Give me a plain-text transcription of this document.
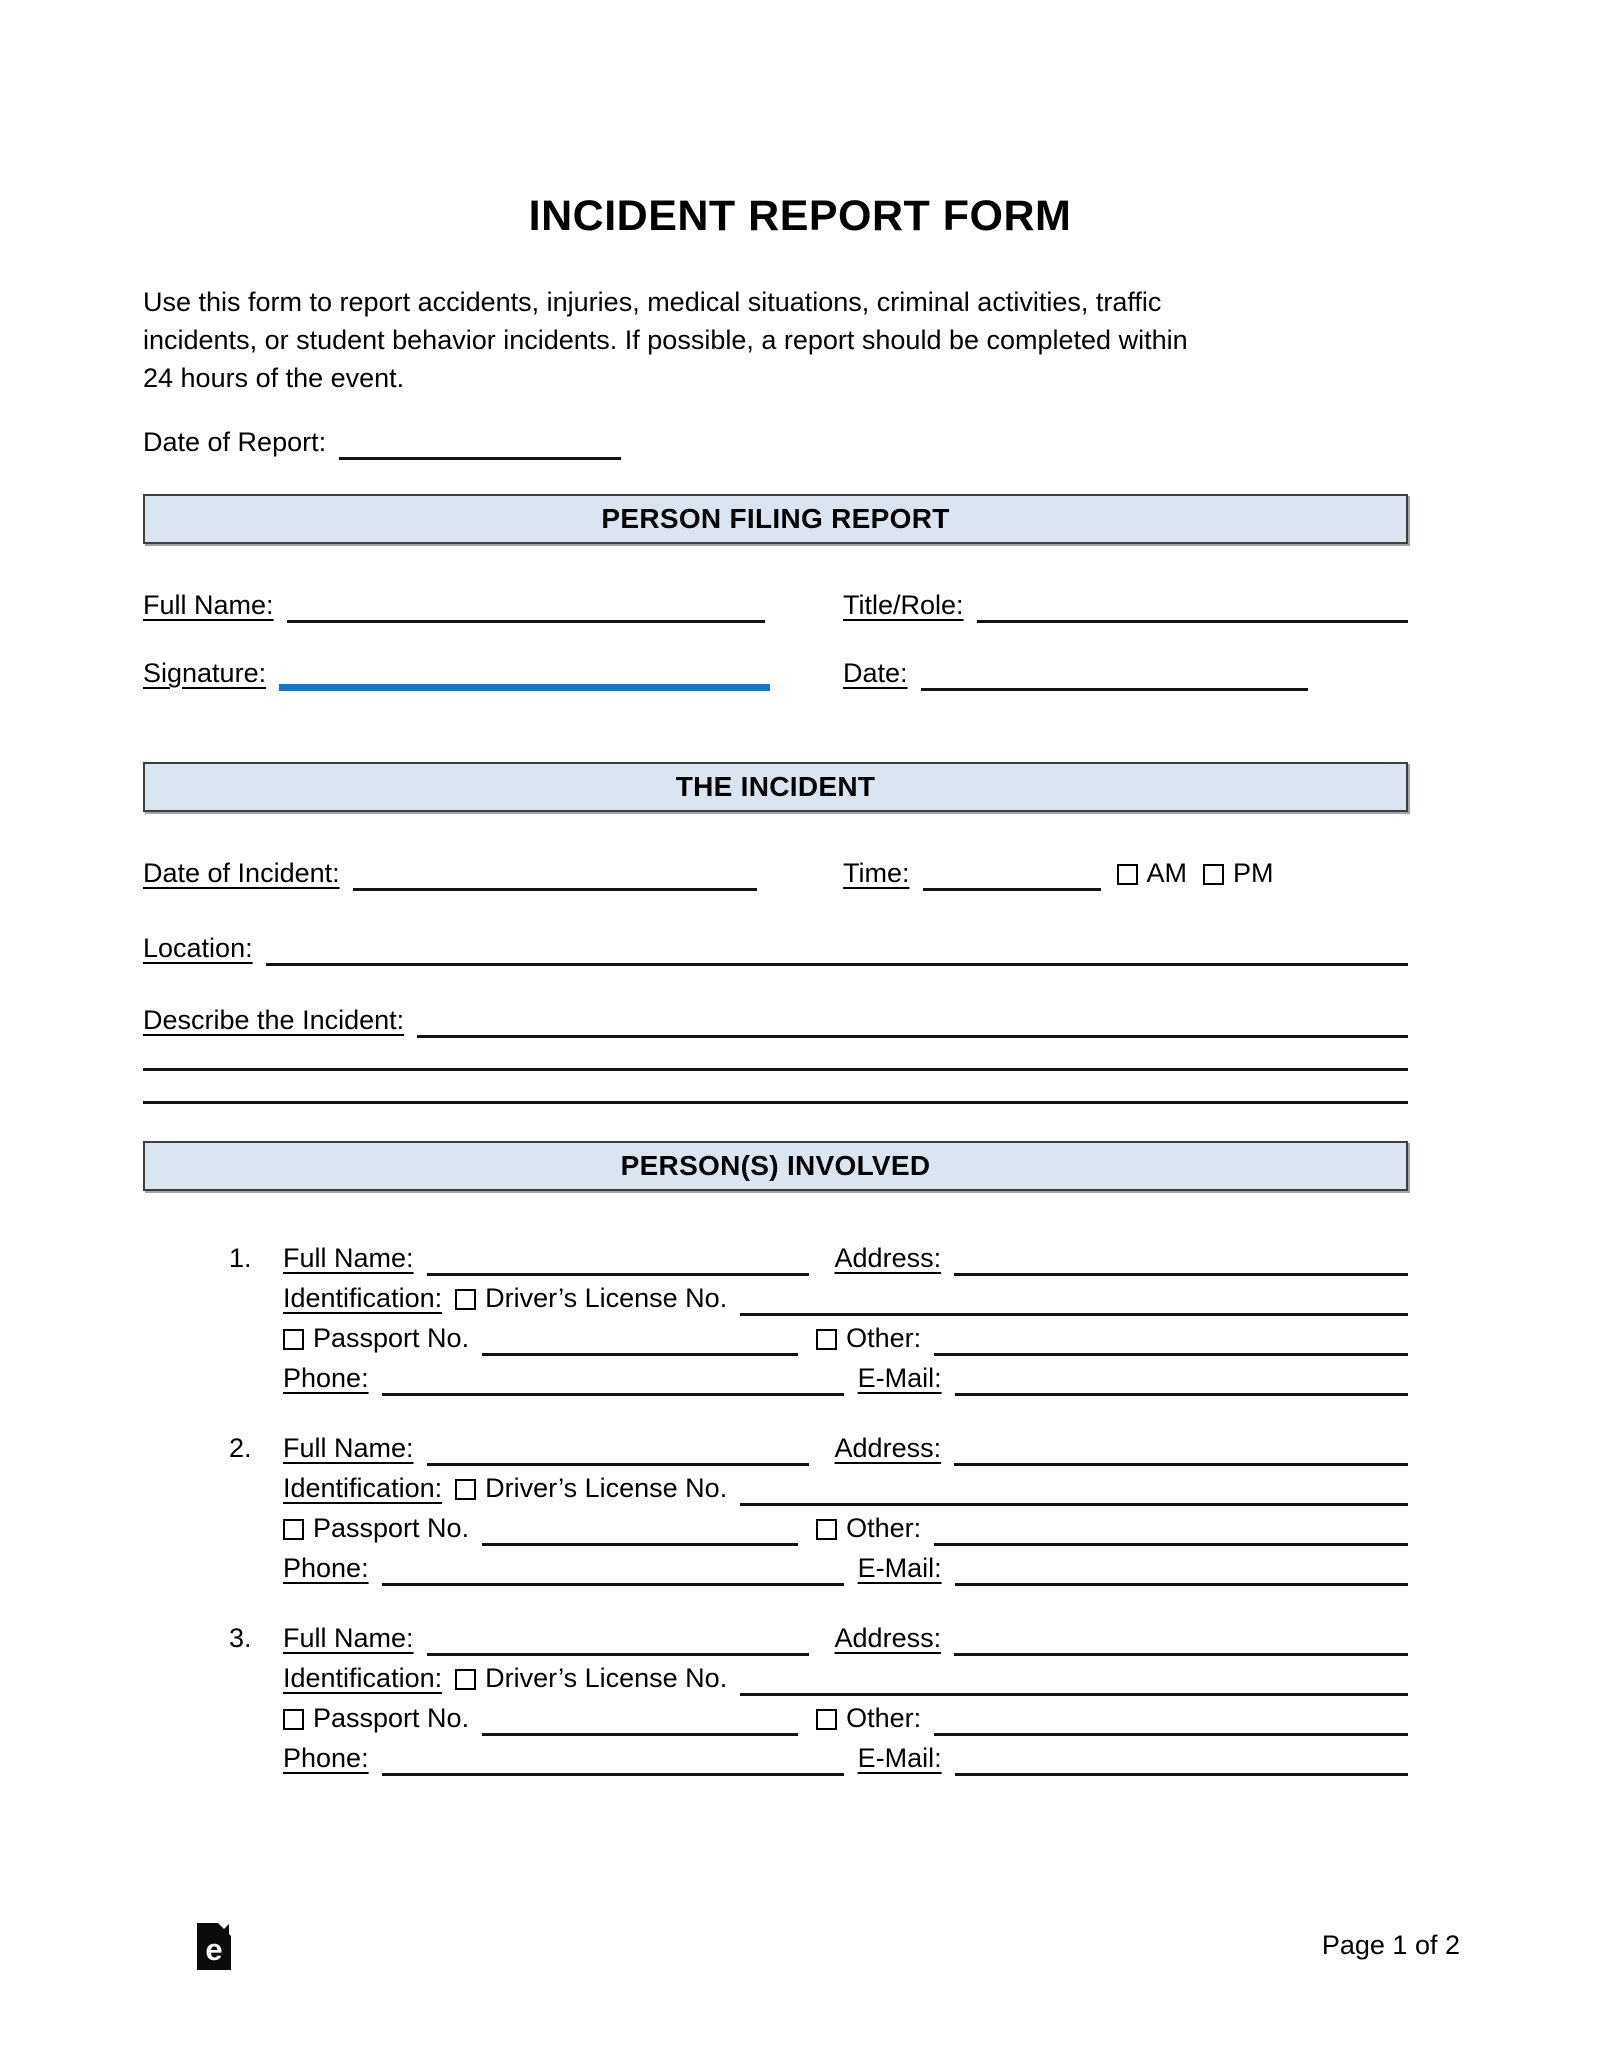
INCIDENT REPORT FORM
Use this form to report accidents, injuries, medical situations, criminal activities, traffic
incidents, or student behavior incidents. If possible, a report should be completed within
24 hours of the event.
Date of Report:
PERSON FILING REPORT
Full Name:	Title/Role:
Signature:	Date:
THE INCIDENT
Date of Incident:	Time:	AM PM
Location:
Describe the Incident:
PERSON(S) INVOLVED
1.	Full Name:	Address:
Identification: Driver’s License No.
Passport No.	Other:
Phone:	E-Mail:
2.	Full Name:	Address:
Identification: Driver’s License No.
Passport No.	Other:
Phone:	E-Mail:
3.	Full Name:	Address:
Identification: Driver’s License No.
Passport No.	Other:
Phone:	E-Mail:
e	Page 1 of 2
